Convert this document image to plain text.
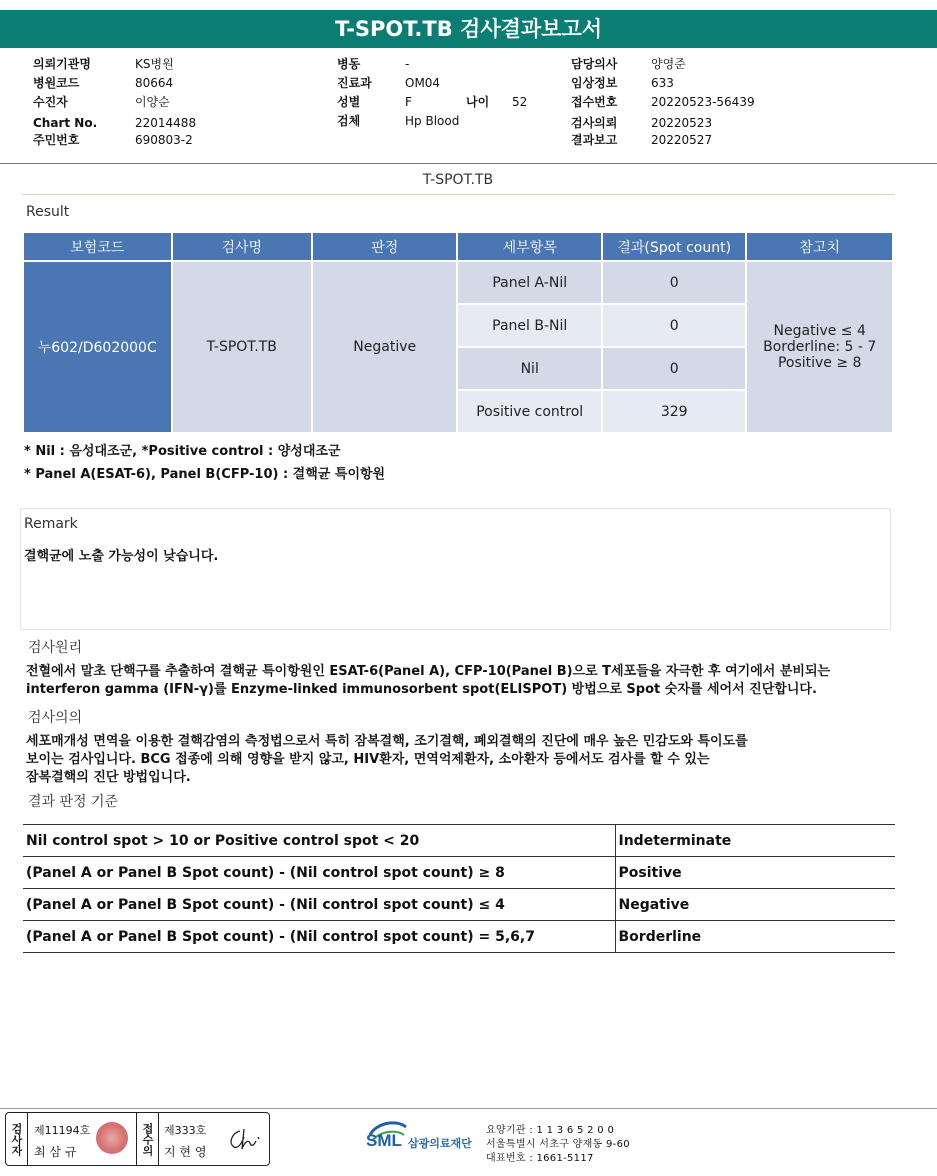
T-SPOT.TB 검사결과보고서
의뢰기관명	KS병원
병원코드	80664
수진자	이양순
Chart No.	22014488
주민번호	690803-2
병동	-
진료과	OM04
성별	F
검체	Hp Blood
나이 52
담당의사	양영준
임상정보	633
접수번호	20220523-56439
검사의뢰	20220523
결과보고	20220527
T-SPOT.TB
Result
보험코드	검사명	판정	세부항목	결과(Spot count)	참고치
누602/D602000C	T-SPOT.TB	Negative	Panel A-Nil	0	Negative ≤ 4
Borderline: 5 - 7
Positive ≥ 8

			Panel B-Nil	0	
			Nil	0	
			Positive control	329	
* Nil : 음성대조군, *Positive control : 양성대조군
* Panel A(ESAT-6), Panel B(CFP-10) : 결핵균 특이항원
Remark
결핵균에 노출 가능성이 낮습니다.
검사원리
전혈에서 말초 단핵구를 추출하여 결핵균 특이항원인 ESAT-6(Panel A), CFP-10(Panel B)으로 T세포들을 자극한 후 여기에서 분비되는
interferon gamma (IFN-γ)를 Enzyme-linked immunosorbent spot(ELISPOT) 방법으로 Spot 숫자를 세어서 진단합니다.
검사의의
세포매개성 면역을 이용한 결핵감염의 측정법으로서 특히 잠복결핵, 조기결핵, 폐외결핵의 진단에 매우 높은 민감도와 특이도를
보이는 검사입니다. BCG 접종에 의해 영향을 받지 않고, HIV환자, 면역억제환자, 소아환자 등에서도 검사를 할 수 있는
잠복결핵의 진단 방법입니다.
결과 판정 기준
Nil control spot > 10 or Positive control spot < 20	Indeterminate
(Panel A or Panel B Spot count) - (Nil control spot count) ≥ 8	Positive
(Panel A or Panel B Spot count) - (Nil control spot count) ≤ 4	Negative
(Panel A or Panel B Spot count) - (Nil control spot count) = 5,6,7	Borderline
검사자 제11194호
최 삼 규	접수의 제333호
지 현 영
SML 삼광의료재단
요양기관 : 1 1 3 6 5 2 0 0
서울특별시 서초구 양재동 9-60
대표번호 : 1661-5117
